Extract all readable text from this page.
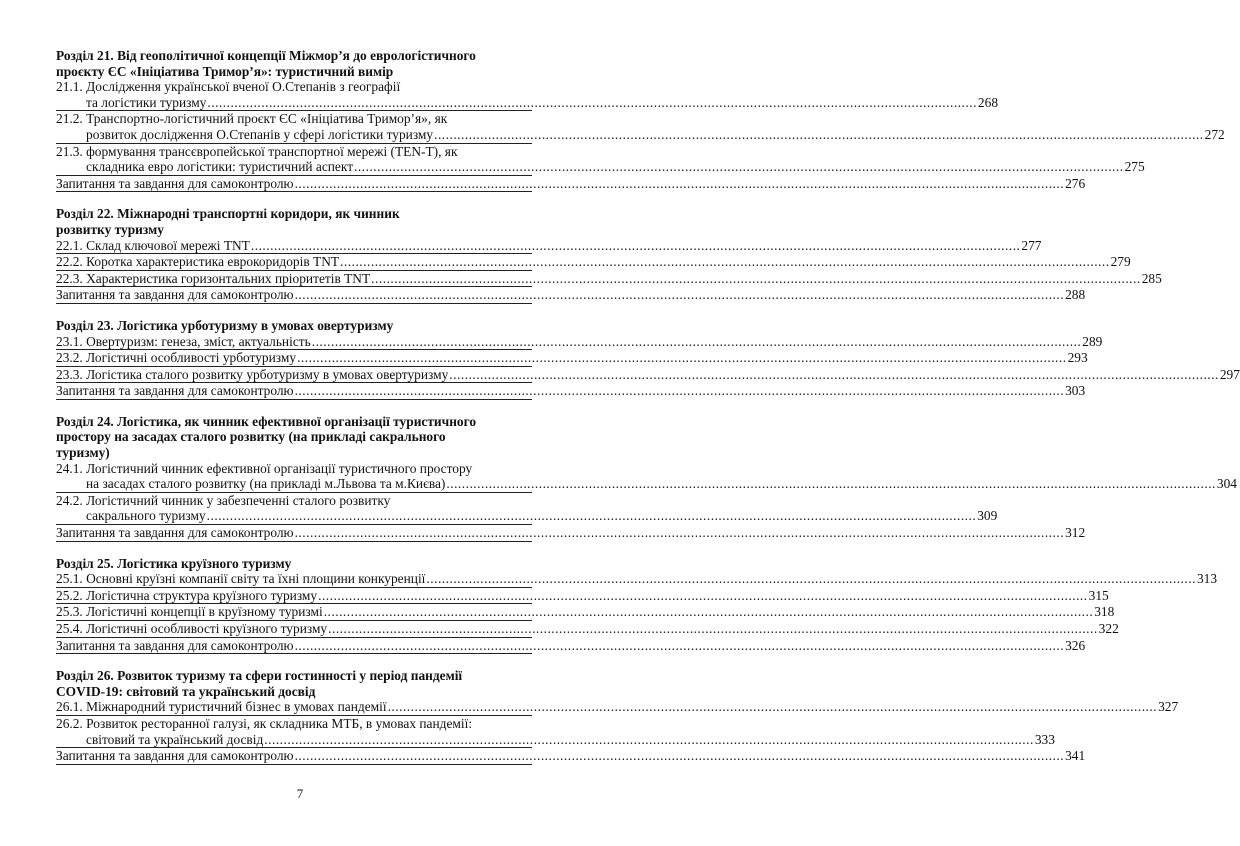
Розділ 21. Від геополітичної концепції Міжмор’я до еврологістичного
проєкту ЄС «Ініціатива Тримор’я»: туристичний вимір
21.1. Дослідження української вченої О.Степанів з географії
та логістики туризму ........................................................................................................................................................................................................ 268
21.2. Транспортно-логістичний проєкт ЄС «Ініціатива Тримор’я», як
розвиток дослідження О.Степанів у сфері логістики туризму ........................................................................................................................................................................................................ 272
21.3. формування трансєвропейської транспортної мережі (TEN-T), як
складника евро логістики: туристичний аспект ........................................................................................................................................................................................................ 275
Запитання та завдання для самоконтролю ........................................................................................................................................................................................................ 276
Розділ 22. Міжнародні транспортні коридори, як чинник
розвитку туризму
22.1. Склад ключової мережі TNT ........................................................................................................................................................................................................ 277
22.2. Коротка характеристика еврокоридорів TNT ........................................................................................................................................................................................................ 279
22.3. Характеристика горизонтальних пріоритетів TNT ........................................................................................................................................................................................................ 285
Запитання та завдання для самоконтролю ........................................................................................................................................................................................................ 288
Розділ 23. Логістика урботуризму в умовах овертуризму
23.1. Овертуризм: генеза, зміст, актуальність ........................................................................................................................................................................................................ 289
23.2. Логістичні особливості урботуризму ........................................................................................................................................................................................................ 293
23.3. Логістика сталого розвитку урботуризму в умовах овертуризму ........................................................................................................................................................................................................ 297
Запитання та завдання для самоконтролю ........................................................................................................................................................................................................ 303
Розділ 24. Логістика, як чинник ефективної організації туристичного
простору на засадах сталого розвитку (на прикладі сакрального
туризму)
24.1. Логістичний чинник ефективної організації туристичного простору
на засадах сталого розвитку (на прикладі м.Львова та м.Києва) ........................................................................................................................................................................................................ 304
24.2. Логістичний чинник у забезпеченні сталого розвитку
сакрального туризму ........................................................................................................................................................................................................ 309
Запитання та завдання для самоконтролю ........................................................................................................................................................................................................ 312
Розділ 25. Логістика круїзного туризму
25.1. Основні круїзні компанії світу та їхні площини конкуренції ........................................................................................................................................................................................................ 313
25.2. Логістична структура круїзного туризму ........................................................................................................................................................................................................ 315
25.3. Логістичні концепції в круїзному туризмі ........................................................................................................................................................................................................ 318
25.4. Логістичні особливості круїзного туризму ........................................................................................................................................................................................................ 322
Запитання та завдання для самоконтролю ........................................................................................................................................................................................................ 326
Розділ 26. Розвиток туризму та сфери гостинності у період пандемії
COVID-19: світовий та український досвід
26.1. Міжнародний туристичний бізнес в умовах пандемії ........................................................................................................................................................................................................ 327
26.2. Розвиток ресторанної галузі, як складника МТБ, в умовах пандемії:
світовий та український досвід ........................................................................................................................................................................................................ 333
Запитання та завдання для самоконтролю ........................................................................................................................................................................................................ 341
7
